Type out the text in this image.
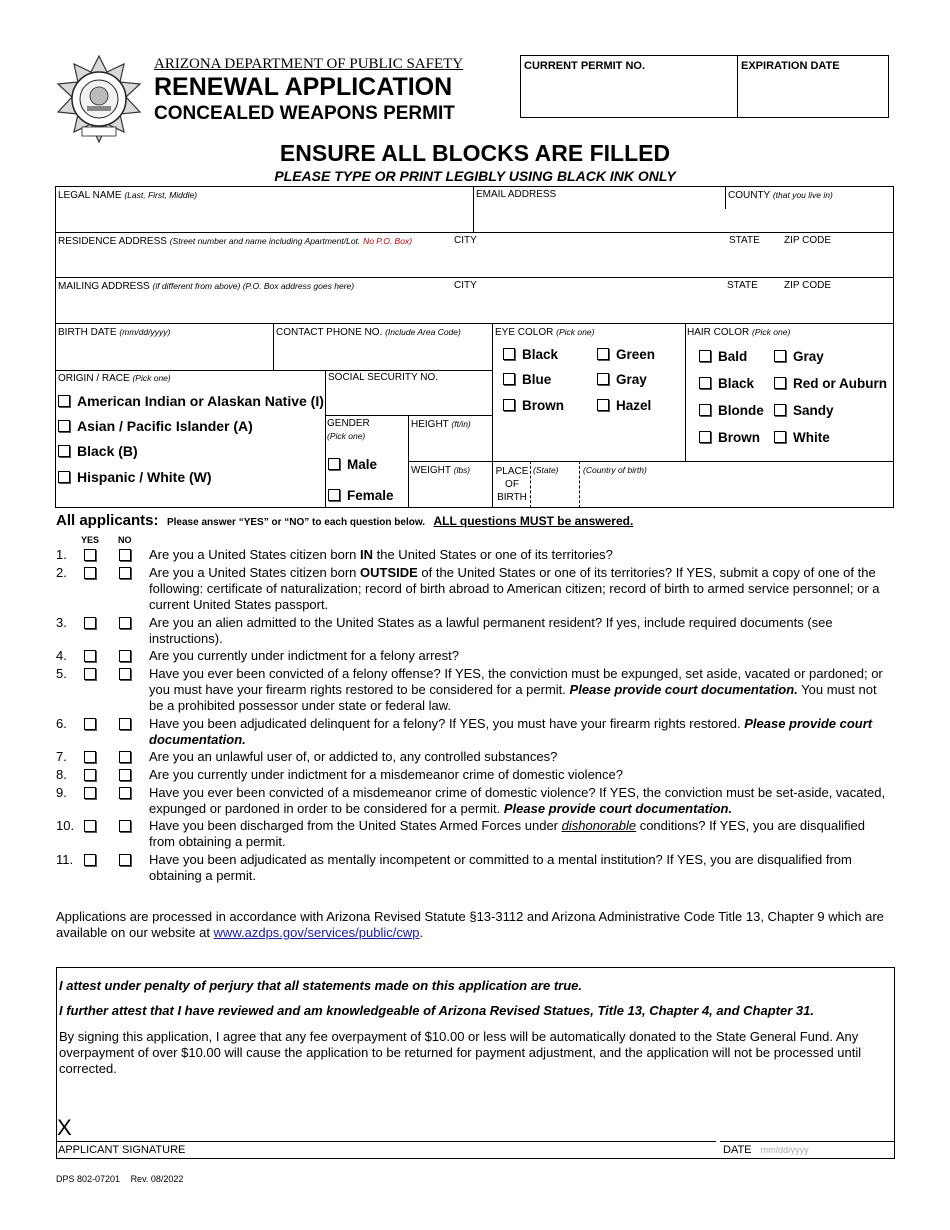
ARIZONA DEPARTMENT OF PUBLIC SAFETY
RENEWAL APPLICATION
CONCEALED WEAPONS PERMIT
CURRENT PERMIT NO.	EXPIRATION DATE
ENSURE ALL BLOCKS ARE FILLED
PLEASE TYPE OR PRINT LEGIBLY USING BLACK INK ONLY
LEGAL NAME (Last, First, Middle)	EMAIL ADDRESS	COUNTY (that you live in)
RESIDENCE ADDRESS (Street number and name including Apartment/Lot. No P.O. Box)	CITY	STATE ZIP CODE
MAILING ADDRESS (if different from above) (P.O. Box address goes here)	CITY	STATE	ZIP CODE
BIRTH DATE (mm/dd/yyyy)	CONTACT PHONE NO. (Include Area Code)	EYE COLOR (Pick one)	HAIR COLOR (Pick one)
Black	Green
Blue	Gray
Brown	Hazel
Bald	Gray
Black	Red or Auburn
Blonde	Sandy
Brown	White
ORIGIN / RACE (Pick one)
American Indian or Alaskan Native (I)
Asian / Pacific Islander (A)
Black (B)
Hispanic / White (W)
SOCIAL SECURITY NO.
GENDER
(Pick one)
Male
Female
HEIGHT (ft/in)
WEIGHT (lbs)	PLACE
OF
BIRTH
(State)	(Country of birth)
All applicants: Please answer “YES” or “NO” to each question below. ALL questions MUST be answered.
YES NO
1.	Are you a United States citizen born IN the United States or one of its territories?
2.	Are you a United States citizen born OUTSIDE of the United States or one of its territories? If YES, submit a copy of one of the following: certificate of naturalization; record of birth abroad to American citizen; record of birth to armed service personnel; or a current United States passport.
3.	Are you an alien admitted to the United States as a lawful permanent resident? If yes, include required documents (see instructions).
4.	Are you currently under indictment for a felony arrest?
5.	Have you ever been convicted of a felony offense? If YES, the conviction must be expunged, set aside, vacated or pardoned; or you must have your firearm rights restored to be considered for a permit. Please provide court documentation. You must not be a prohibited possessor under state or federal law.
6.	Have you been adjudicated delinquent for a felony? If YES, you must have your firearm rights restored. Please provide court documentation.
7.	Are you an unlawful user of, or addicted to, any controlled substances?
8.	Are you currently under indictment for a misdemeanor crime of domestic violence?
9.	Have you ever been convicted of a misdemeanor crime of domestic violence? If YES, the conviction must be set-aside, vacated, expunged or pardoned in order to be considered for a permit. Please provide court documentation.
10.	Have you been discharged from the United States Armed Forces under dishonorable conditions? If YES, you are disqualified from obtaining a permit.
11.	Have you been adjudicated as mentally incompetent or committed to a mental institution? If YES, you are disqualified from obtaining a permit.
Applications are processed in accordance with Arizona Revised Statute §13-3112 and Arizona Administrative Code Title 13, Chapter 9 which are available on our website at www.azdps.gov/services/public/cwp.
I attest under penalty of perjury that all statements made on this application are true.
I further attest that I have reviewed and am knowledgeable of Arizona Revised Statues, Title 13, Chapter 4, and Chapter 31.
By signing this application, I agree that any fee overpayment of $10.00 or less will be automatically donated to the State General Fund. Any overpayment of over $10.00 will cause the application to be returned for payment adjustment, and the application will not be processed until corrected.
X
APPLICANT SIGNATURE	DATE mm/dd/yyyy
DPS 802-07201 Rev. 08/2022
